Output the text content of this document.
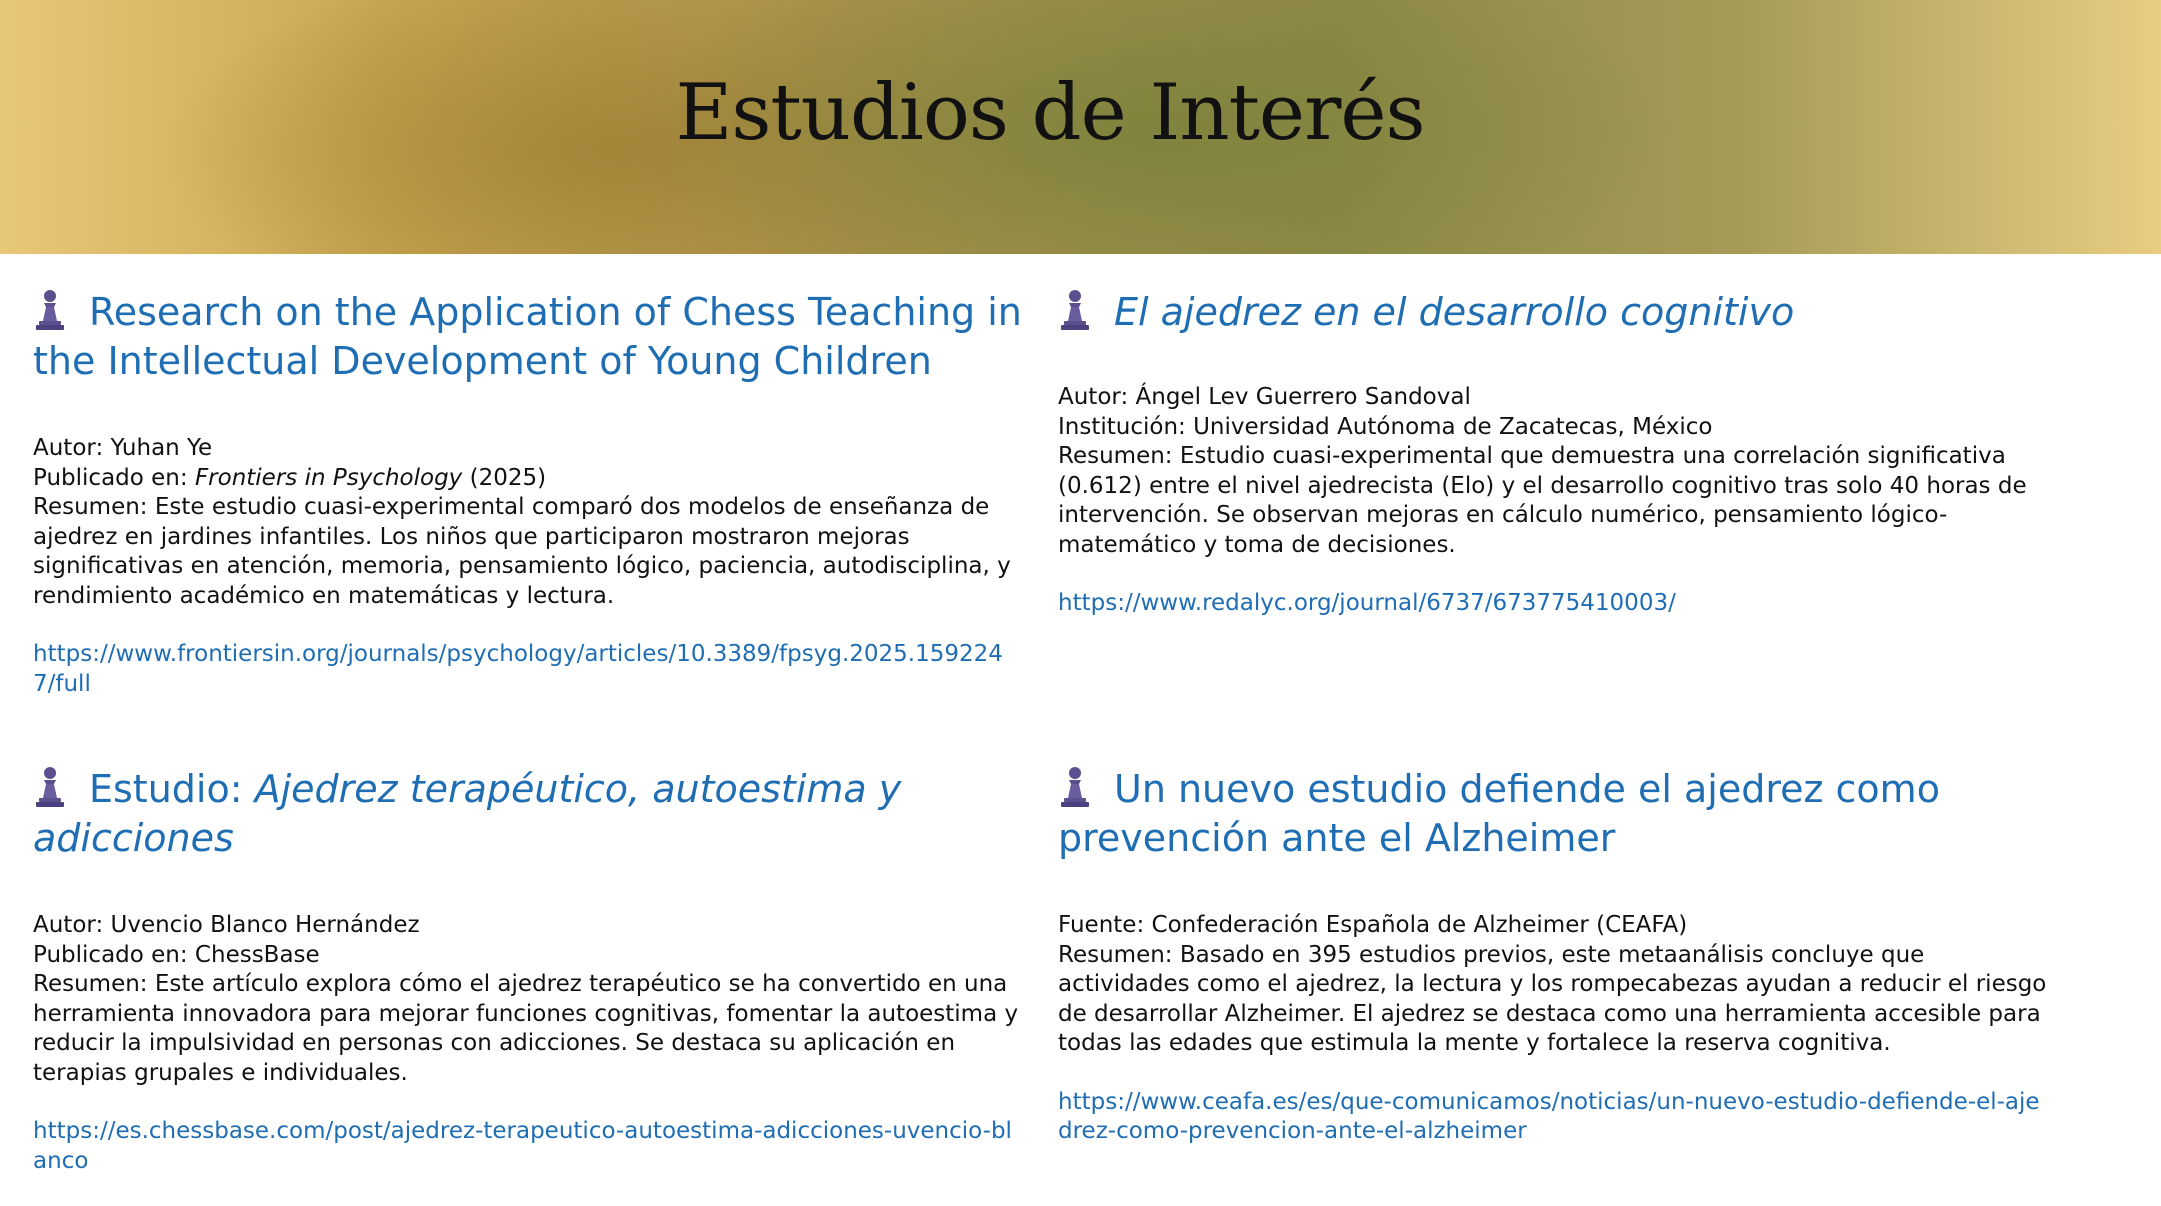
Estudios de Interés
Research on the Application of Chess Teaching in the Intellectual Development of Young Children
Autor: Yuhan Ye
Publicado en: Frontiers in Psychology (2025)
Resumen: Este estudio cuasi-experimental comparó dos modelos de enseñanza de ajedrez en jardines infantiles. Los niños que participaron mostraron mejoras significativas en atención, memoria, pensamiento lógico, paciencia, autodisciplina, y rendimiento académico en matemáticas y lectura.
https://www.frontiersin.org/journals/psychology/articles/10.3389/fpsyg.2025.1592247/full
El ajedrez en el desarrollo cognitivo
Autor: Ángel Lev Guerrero Sandoval
Institución: Universidad Autónoma de Zacatecas, México
Resumen: Estudio cuasi-experimental que demuestra una correlación significativa (0.612) entre el nivel ajedrecista (Elo) y el desarrollo cognitivo tras solo 40 horas de intervención. Se observan mejoras en cálculo numérico, pensamiento lógico-matemático y toma de decisiones.
https://www.redalyc.org/journal/6737/673775410003/
Estudio: Ajedrez terapéutico, autoestima y adicciones
Autor: Uvencio Blanco Hernández
Publicado en: ChessBase
Resumen: Este artículo explora cómo el ajedrez terapéutico se ha convertido en una herramienta innovadora para mejorar funciones cognitivas, fomentar la autoestima y reducir la impulsividad en personas con adicciones. Se destaca su aplicación en terapias grupales e individuales.
https://es.chessbase.com/post/ajedrez-terapeutico-autoestima-adicciones-uvencio-blanco
Un nuevo estudio defiende el ajedrez como prevención ante el Alzheimer
Fuente: Confederación Española de Alzheimer (CEAFA)
Resumen: Basado en 395 estudios previos, este metaanálisis concluye que actividades como el ajedrez, la lectura y los rompecabezas ayudan a reducir el riesgo de desarrollar Alzheimer. El ajedrez se destaca como una herramienta accesible para todas las edades que estimula la mente y fortalece la reserva cognitiva.
https://www.ceafa.es/es/que-comunicamos/noticias/un-nuevo-estudio-defiende-el-ajedrez-como-prevencion-ante-el-alzheimer
